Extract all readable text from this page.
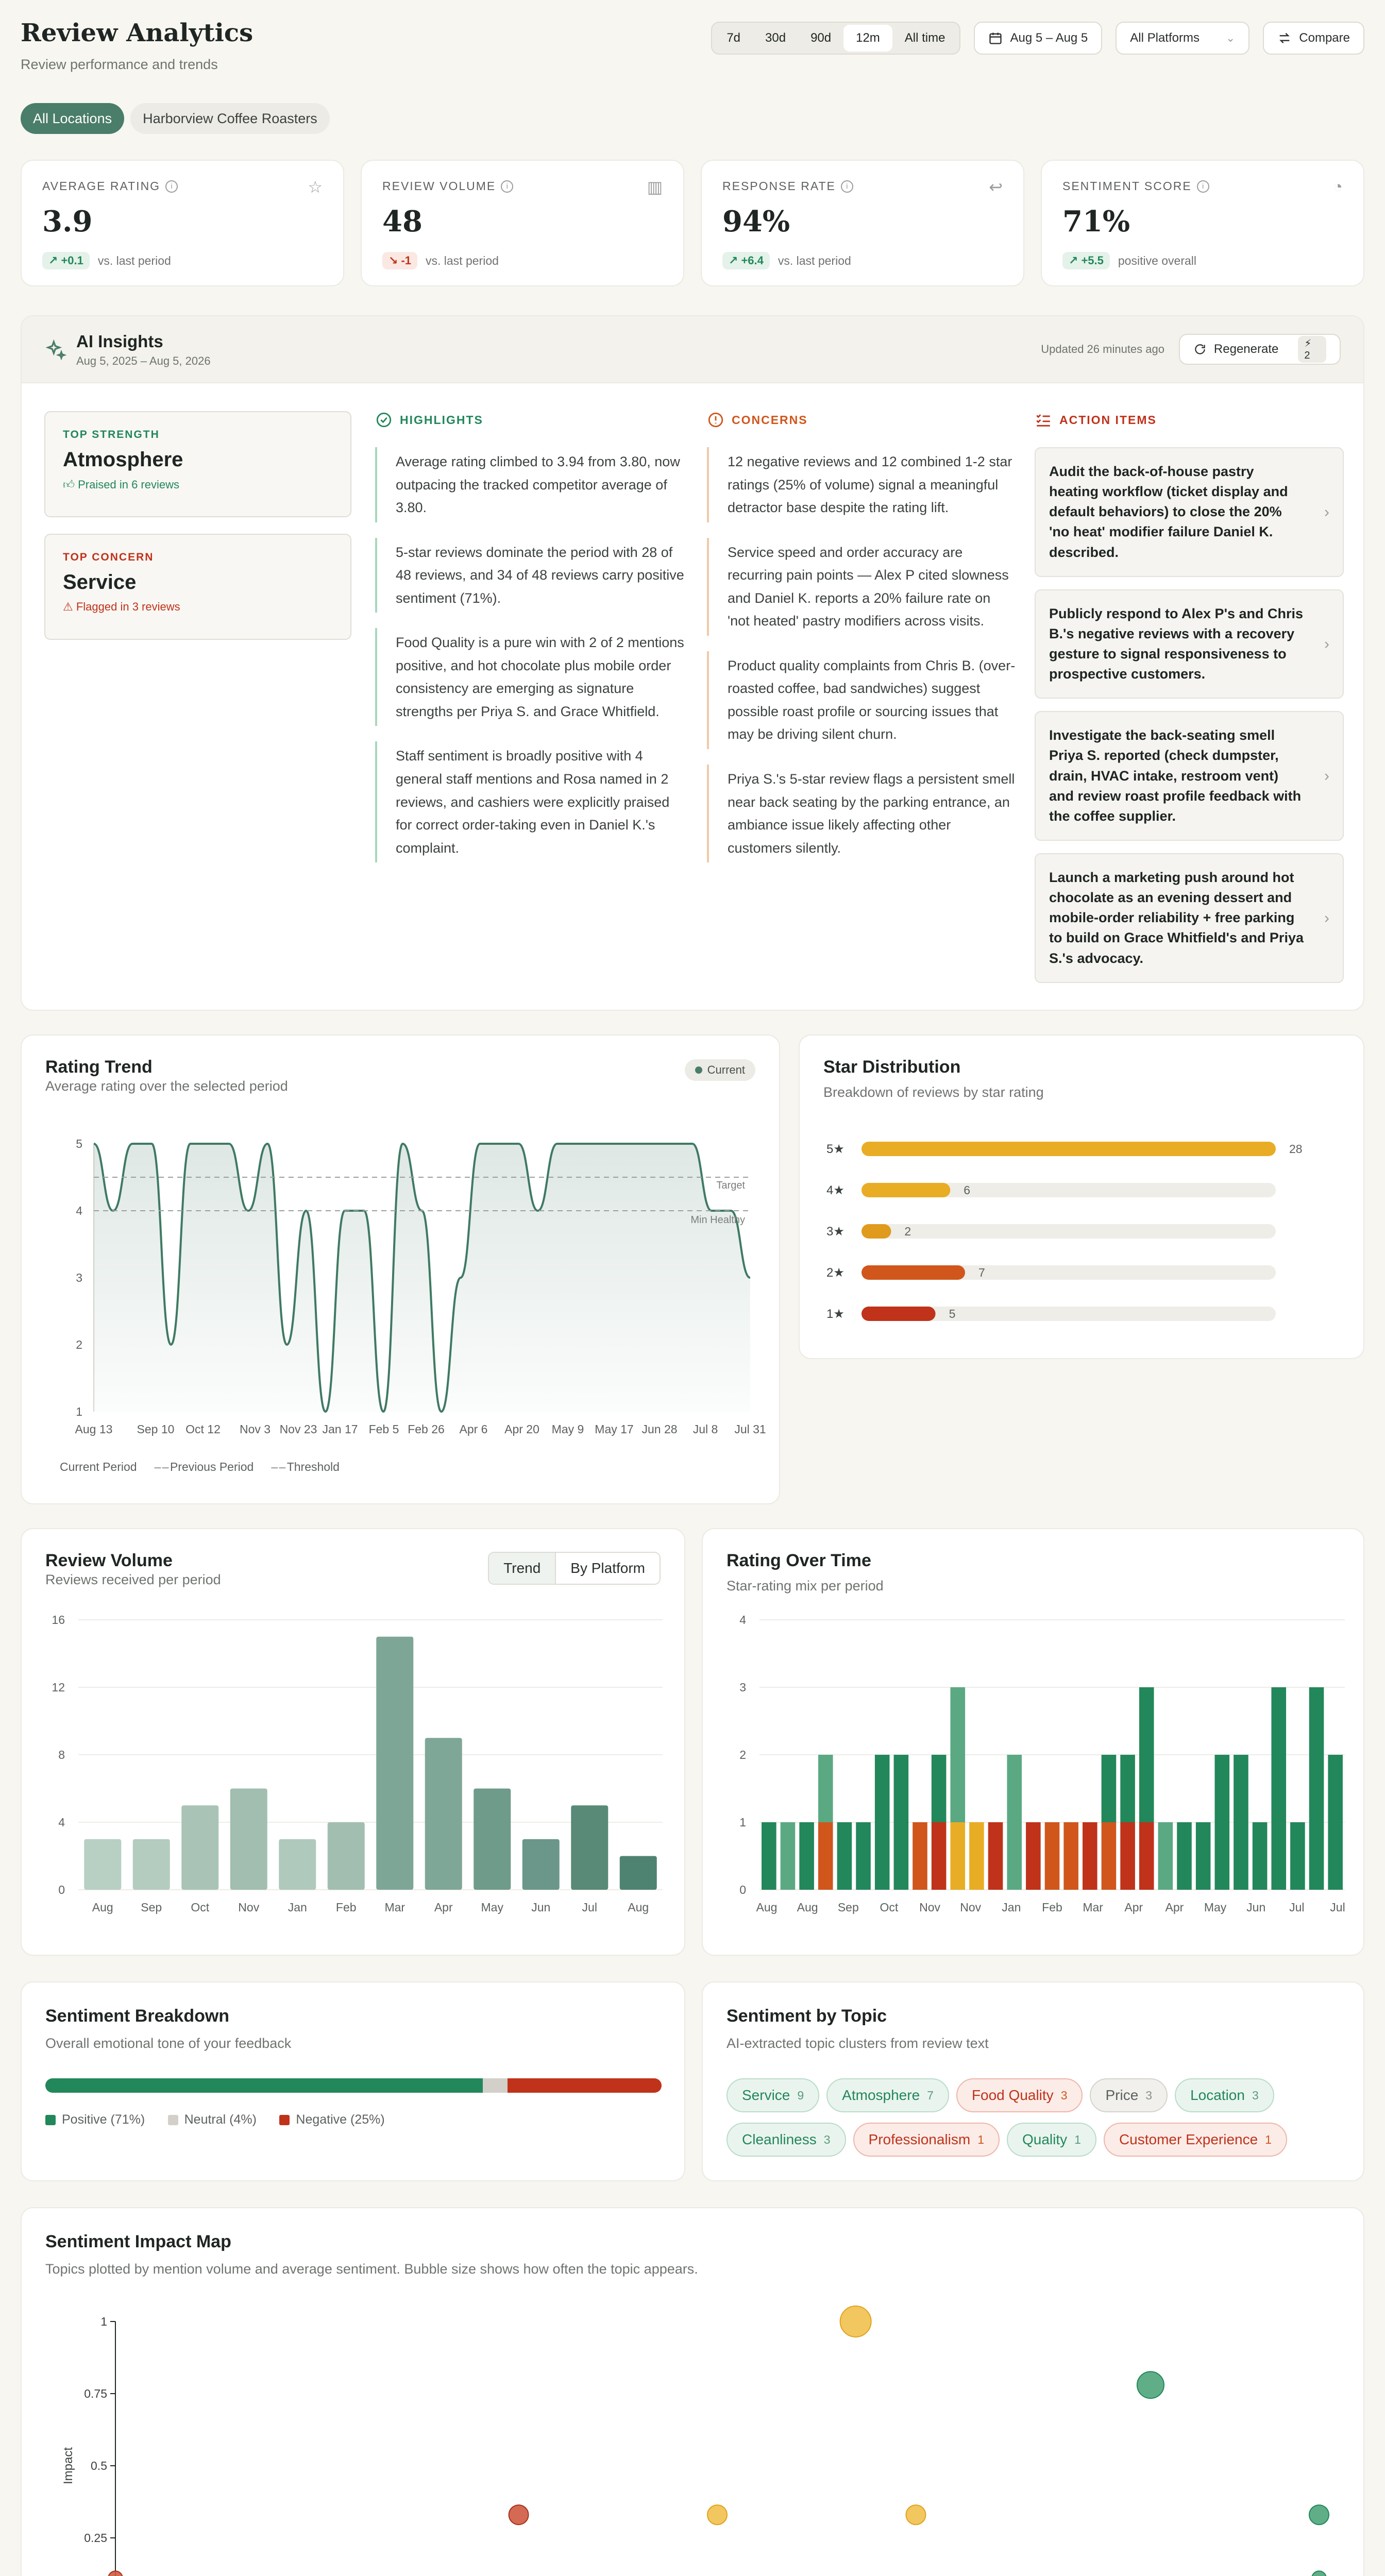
Review Analytics
Review performance and trends
7d	30d	90d	12m	All time	Aug 5 – Aug 5	All Platforms ⌄	Compare
All Locations	Harborview Coffee Roasters
AVERAGE RATING	i	☆
3.9
↗ +0.1 vs. last period
REVIEW VOLUME	i	▥
48
↘ -1 vs. last period
RESPONSE RATE	i	↩
94%
↗ +6.4 vs. last period
SENTIMENT SCORE	i	◔
71%
↗ +5.5 positive overall
AI Insights
Aug 5, 2025 – Aug 5, 2026
Updated 26 minutes ago	Regenerate	⚡ 2
TOP STRENGTH
Atmosphere
👍︎ Praised in 6 reviews
TOP CONCERN
Service
⚠ Flagged in 3 reviews
HIGHLIGHTS
Average rating climbed to 3.94 from 3.80, now outpacing the tracked competitor average of 3.80.
5-star reviews dominate the period with 28 of 48 reviews, and 34 of 48 reviews carry positive sentiment (71%).
Food Quality is a pure win with 2 of 2 mentions positive, and hot chocolate plus mobile order consistency are emerging as signature strengths per Priya S. and Grace Whitfield.
Staff sentiment is broadly positive with 4 general staff mentions and Rosa named in 2 reviews, and cashiers were explicitly praised for correct order-taking even in Daniel K.'s complaint.
CONCERNS
12 negative reviews and 12 combined 1-2 star ratings (25% of volume) signal a meaningful detractor base despite the rating lift.
Service speed and order accuracy are recurring pain points — Alex P cited slowness and Daniel K. reports a 20% failure rate on 'not heated' pastry modifiers across visits.
Product quality complaints from Chris B. (over-roasted coffee, bad sandwiches) suggest possible roast profile or sourcing issues that may be driving silent churn.
Priya S.'s 5-star review flags a persistent smell near back seating by the parking entrance, an ambiance issue likely affecting other customers silently.
ACTION ITEMS
Audit the back-of-house pastry heating workflow (ticket display and default behaviors) to close the 20% 'no heat' modifier failure Daniel K. described.
›
Publicly respond to Alex P's and Chris B.'s negative reviews with a recovery gesture to signal responsiveness to prospective customers.
›
Investigate the back-seating smell Priya S. reported (check dumpster, drain, HVAC intake, restroom vent) and review roast profile feedback with the coffee supplier.
›
Launch a marketing push around hot chocolate as an evening dessert and mobile-order reliability + free parking to build on Grace Whitfield's and Priya S.'s advocacy.
›
Rating Trend
Average rating over the selected period
Current
1
2
3
4
5
Target
Min Healthy
Aug 13 Sep 10 Oct 12 Nov 3 Nov 23 Jan 17 Feb 5 Feb 26 Apr 6 Apr 20 May 9 May 17 Jun 28 Jul 8 Jul 31
Current Period – – Previous Period – – Threshold
Star Distribution
Breakdown of reviews by star rating
5★	28
4★	6
3★	2
2★	7
1★	5
Review Volume
Reviews received per period
Trend	By Platform
0
4
8
12
16
Aug Sep Oct Nov Jan Feb Mar Apr May Jun	Jul	Aug
Rating Over Time
Star-rating mix per period
0
1
2
3
4
Aug Aug Sep Oct Nov Nov Jan Feb Mar Apr Apr May Jun Jul Jul
Sentiment Breakdown
Overall emotional tone of your feedback
Positive (71%)
	Neutral (4%)
	Negative (25%)
Sentiment by Topic
AI-extracted topic clusters from review text
Service 9	Atmosphere 7	Food Quality 3	Price 3	Location 3
Cleanliness 3	Professionalism 1	Quality 1	Customer Experience 1
Sentiment Impact Map
Topics plotted by mention volume and average sentiment. Bubble size shows how often the topic appears.
0.25
0.5
0.75
1
Impact
